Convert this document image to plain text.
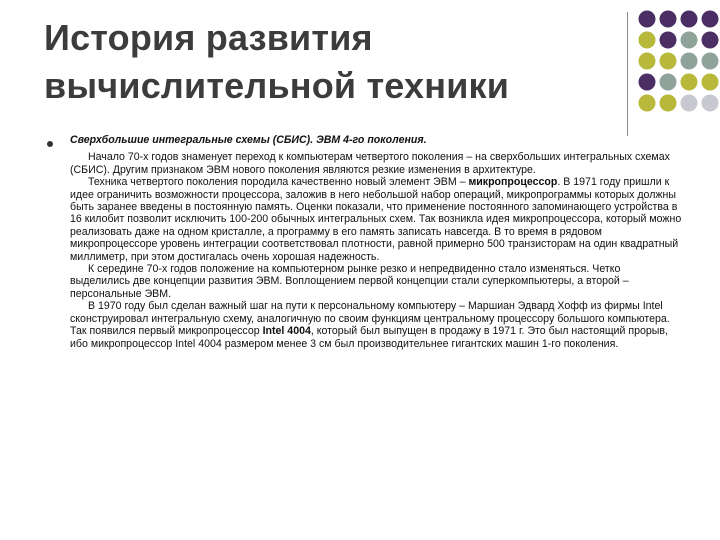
История развития
вычислительной техники

Сверхбольшие интегральные схемы (СБИС). ЭВМ 4-го поколения.

Начало 70-х годов знаменует переход к компьютерам четвертого поколения – на сверхбольших интегральных схемах (СБИС). Другим признаком ЭВМ нового поколения являются резкие изменения в архитектуре.

Техника четвертого поколения породила качественно новый элемент ЭВМ – микропроцессор. В 1971 году пришли к идее ограничить возможности процессора, заложив в него небольшой набор операций, микропрограммы которых должны быть заранее введены в постоянную память. Оценки показали, что применение постоянного запоминающего устройства в 16 килобит позволит исключить 100-200 обычных интегральных схем. Так возникла идея микропроцессора, который можно реализовать даже на одном кристалле, а программу в его память записать навсегда. В то время в рядовом микропроцессоре уровень интеграции соответствовал плотности, равной примерно 500 транзисторам на один квадратный миллиметр, при этом достигалась очень хорошая надежность.

К середине 70-х годов положение на компьютерном рынке резко и непредвиденно стало изменяться. Четко выделились две концепции развития ЭВМ. Воплощением первой концепции стали суперкомпьютеры, а второй – персональные ЭВМ.

В 1970 году был сделан важный шаг на пути к персональному компьютеру – Маршиан Эдвард Хофф из фирмы Intel сконструировал интегральную схему, аналогичную по своим функциям центральному процессору большого компьютера. Так появился первый микропроцессор Intel 4004, который был выпущен в продажу в 1971 г. Это был настоящий прорыв, ибо микропроцессор Intel 4004 размером менее 3 см был производительнее гигантских машин 1-го поколения.
